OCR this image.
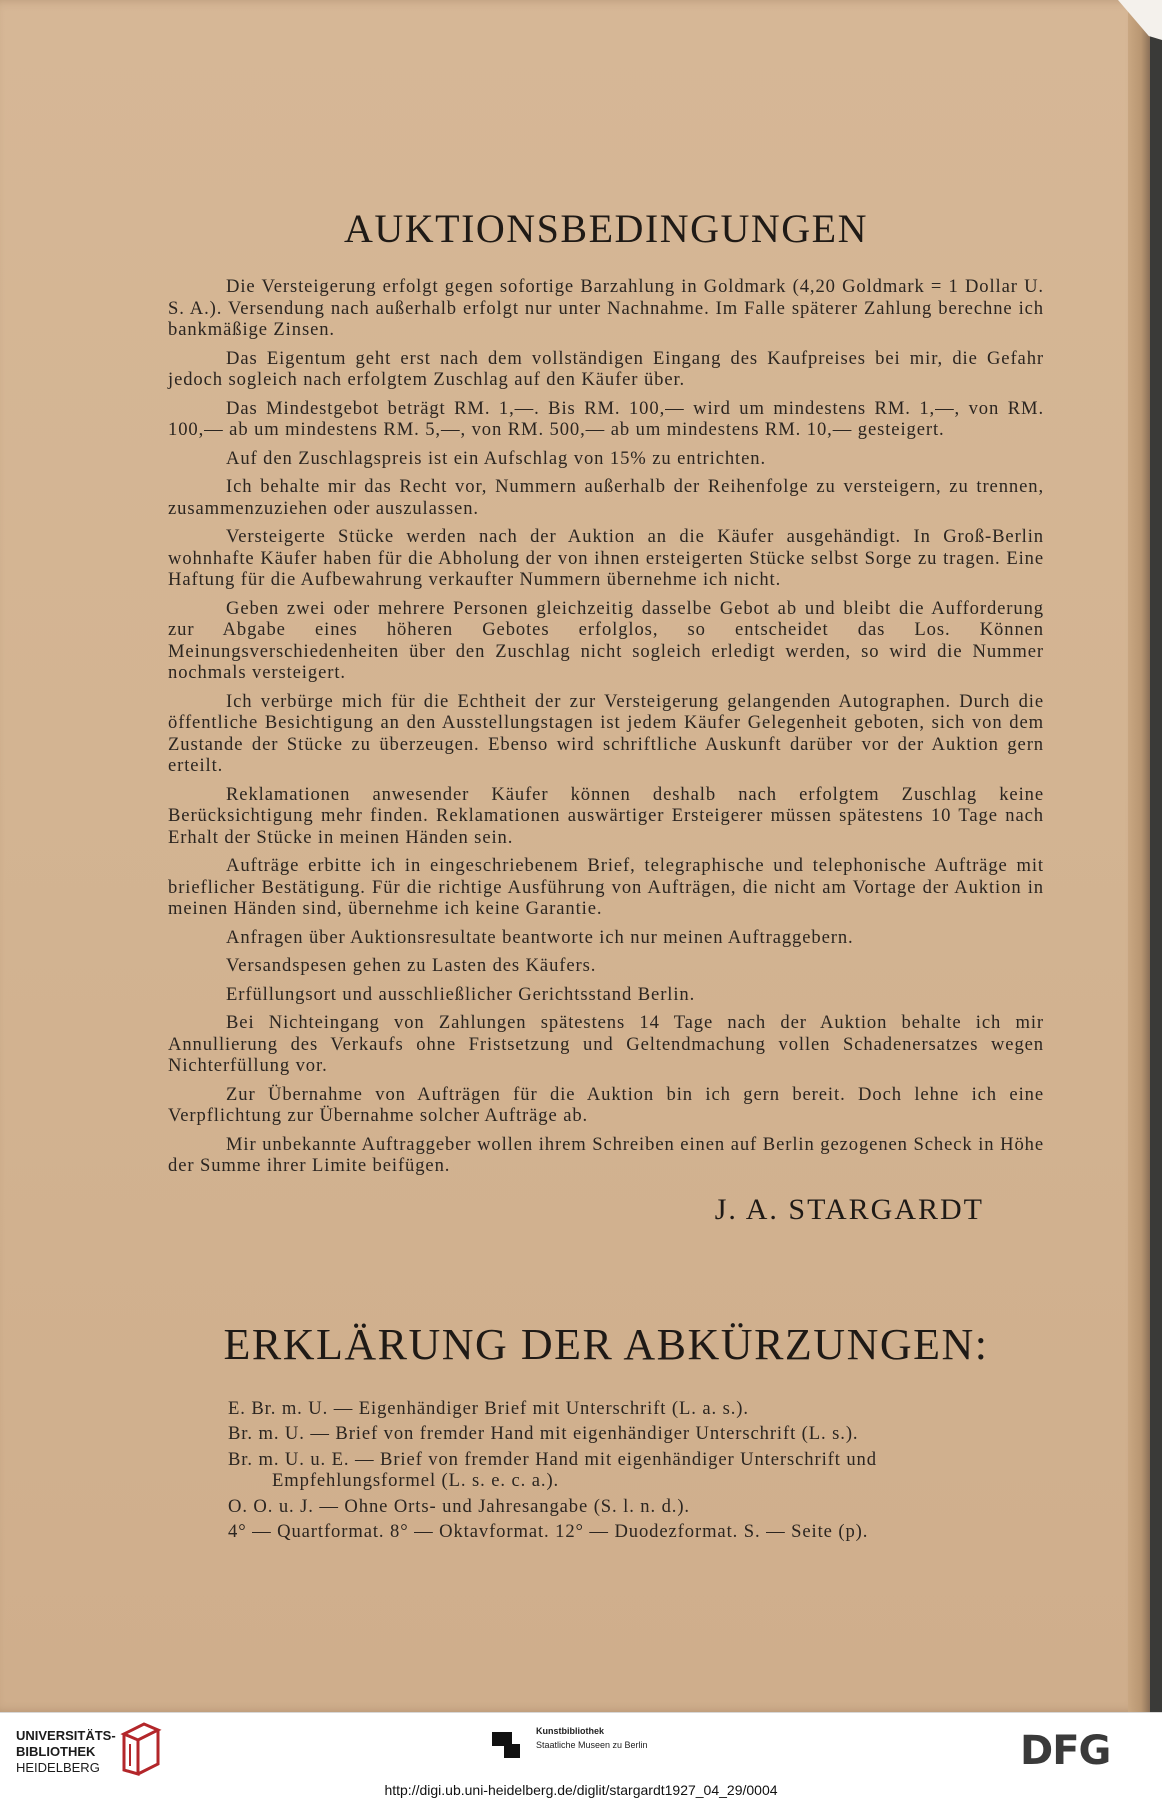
AUKTIONSBEDINGUNGEN

Die Versteigerung erfolgt gegen sofortige Barzahlung in Goldmark (4,20 Goldmark = 1 Dollar U. S. A.). Versendung nach außerhalb erfolgt nur unter Nachnahme. Im Falle späterer Zahlung berechne ich bankmäßige Zinsen.

Das Eigentum geht erst nach dem vollständigen Eingang des Kaufpreises bei mir, die Gefahr jedoch sogleich nach erfolgtem Zuschlag auf den Käufer über.

Das Mindestgebot beträgt RM. 1,—. Bis RM. 100,— wird um mindestens RM. 1,—, von RM. 100,— ab um mindestens RM. 5,—, von RM. 500,— ab um mindestens RM. 10,— gesteigert.

Auf den Zuschlagspreis ist ein Aufschlag von 15% zu entrichten.

Ich behalte mir das Recht vor, Nummern außerhalb der Reihenfolge zu versteigern, zu trennen, zusammenzuziehen oder auszulassen.

Versteigerte Stücke werden nach der Auktion an die Käufer ausgehändigt. In Groß-Berlin wohnhafte Käufer haben für die Abholung der von ihnen ersteigerten Stücke selbst Sorge zu tragen. Eine Haftung für die Aufbewahrung verkaufter Nummern übernehme ich nicht.

Geben zwei oder mehrere Personen gleichzeitig dasselbe Gebot ab und bleibt die Aufforderung zur Abgabe eines höheren Gebotes erfolglos, so entscheidet das Los. Können Meinungsverschiedenheiten über den Zuschlag nicht sogleich erledigt werden, so wird die Nummer nochmals versteigert.

Ich verbürge mich für die Echtheit der zur Versteigerung gelangenden Autographen. Durch die öffentliche Besichtigung an den Ausstellungstagen ist jedem Käufer Gelegenheit geboten, sich von dem Zustande der Stücke zu überzeugen. Ebenso wird schriftliche Auskunft darüber vor der Auktion gern erteilt.

Reklamationen anwesender Käufer können deshalb nach erfolgtem Zuschlag keine Berücksichtigung mehr finden. Reklamationen auswärtiger Ersteigerer müssen spätestens 10 Tage nach Erhalt der Stücke in meinen Händen sein.

Aufträge erbitte ich in eingeschriebenem Brief, telegraphische und telephonische Aufträge mit brieflicher Bestätigung. Für die richtige Ausführung von Aufträgen, die nicht am Vortage der Auktion in meinen Händen sind, übernehme ich keine Garantie.

Anfragen über Auktionsresultate beantworte ich nur meinen Auftraggebern.

Versandspesen gehen zu Lasten des Käufers.

Erfüllungsort und ausschließlicher Gerichtsstand Berlin.

Bei Nichteingang von Zahlungen spätestens 14 Tage nach der Auktion behalte ich mir Annullierung des Verkaufs ohne Fristsetzung und Geltendmachung vollen Schadenersatzes wegen Nichterfüllung vor.

Zur Übernahme von Aufträgen für die Auktion bin ich gern bereit. Doch lehne ich eine Verpflichtung zur Übernahme solcher Aufträge ab.

Mir unbekannte Auftraggeber wollen ihrem Schreiben einen auf Berlin gezogenen Scheck in Höhe der Summe ihrer Limite beifügen.

J. A. STARGARDT
ERKLÄRUNG DER ABKÜRZUNGEN:
E. Br. m. U. — Eigenhändiger Brief mit Unterschrift (L. a. s.).
Br. m. U. — Brief von fremder Hand mit eigenhändiger Unterschrift (L. s.).
Br. m. U. u. E. — Brief von fremder Hand mit eigenhändiger Unterschrift und
Empfehlungsformel (L. s. e. c. a.).
O. O. u. J. — Ohne Orts- und Jahresangabe (S. l. n. d.).
4° — Quartformat. 8° — Oktavformat. 12° — Duodezformat. S. — Seite (p).
UNIVERSITÄTS-
BIBLIOTHEK
HEIDELBERG
Kunstbibliothek
Staatliche Museen zu Berlin	DFG
http://digi.ub.uni-heidelberg.de/diglit/stargardt1927_04_29/0004
